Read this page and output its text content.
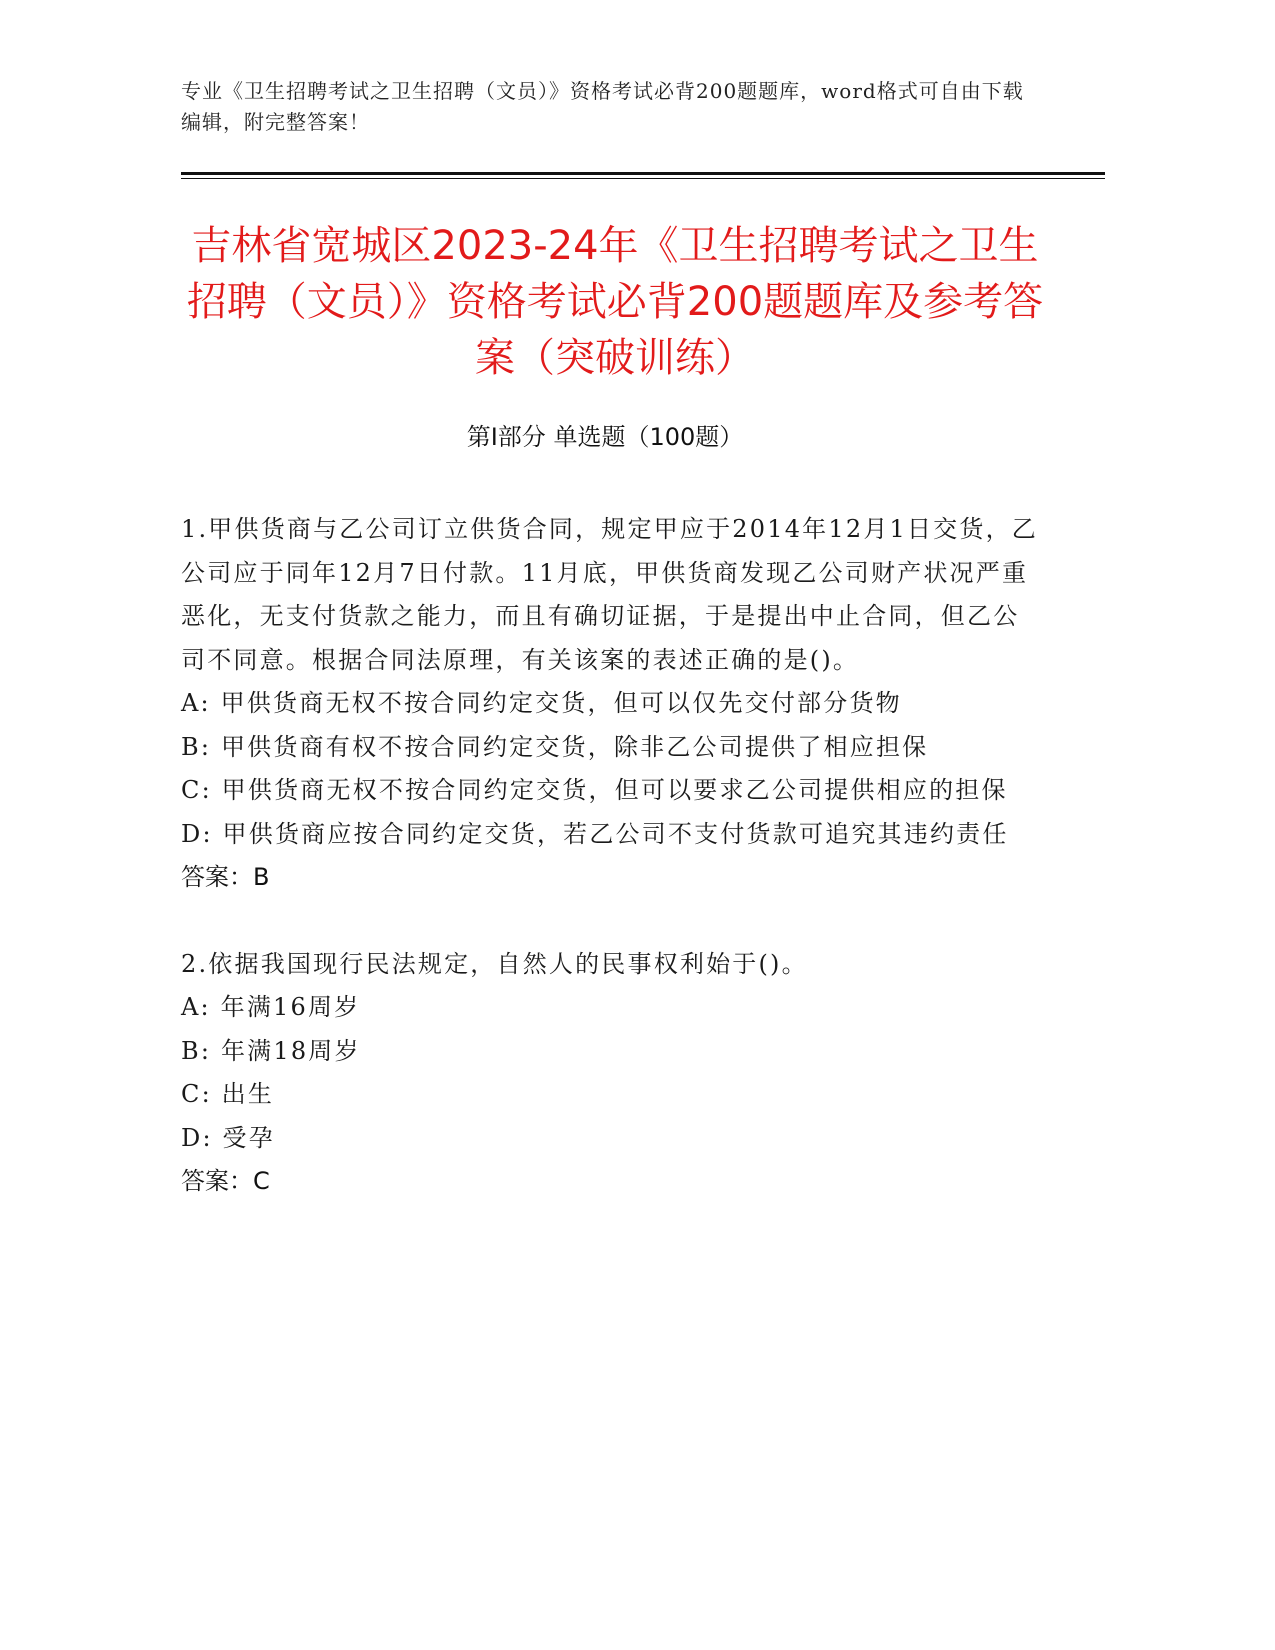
专业《卫生招聘考试之卫生招聘（文员）》资格考试必背200题题库，word格式可自由下载编辑，附完整答案！
吉林省宽城区2023-24年《卫生招聘考试之卫生招聘（文员）》资格考试必背200题题库及参考答案（突破训练）
第Ⅰ部分 单选题（100题）

1.甲供货商与乙公司订立供货合同，规定甲应于2014年12月1日交货，乙公司应于同年12月7日付款。11月底，甲供货商发现乙公司财产状况严重恶化，无支付货款之能力，而且有确切证据，于是提出中止合同，但乙公司不同意。根据合同法原理，有关该案的表述正确的是()。

A: 甲供货商无权不按合同约定交货，但可以仅先交付部分货物

B: 甲供货商有权不按合同约定交货，除非乙公司提供了相应担保

C: 甲供货商无权不按合同约定交货，但可以要求乙公司提供相应的担保

D: 甲供货商应按合同约定交货，若乙公司不支付货款可追究其违约责任

答案：B

2.依据我国现行民法规定，自然人的民事权利始于()。

A: 年满16周岁

B: 年满18周岁

C: 出生

D: 受孕

答案：C
